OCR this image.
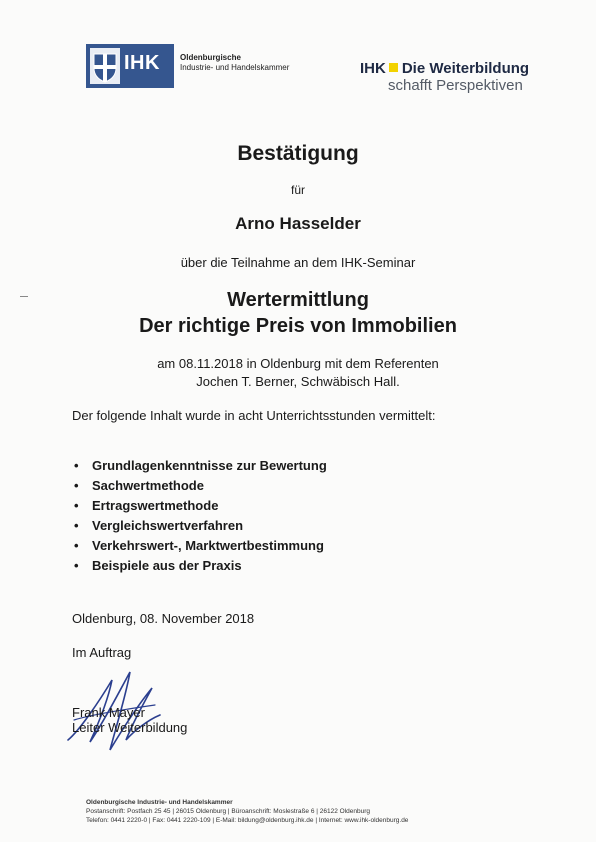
IHK	Oldenburgische
Industrie- und Handelskammer	IHK Die Weiterbildung
schafft Perspektiven
Bestätigung
für
Arno Hasselder
über die Teilnahme an dem IHK-Seminar
Wertermittlung
Der richtige Preis von Immobilien
am 08.11.2018 in Oldenburg mit dem Referenten
Jochen T. Berner, Schwäbisch Hall.
Der folgende Inhalt wurde in acht Unterrichtsstunden vermittelt:
• Grundlagenkenntnisse zur Bewertung
• Sachwertmethode
• Ertragswertmethode
• Vergleichswertverfahren
• Verkehrswert-, Marktwertbestimmung
• Beispiele aus der Praxis
Oldenburg, 08. November 2018
Im Auftrag
Frank Mayer
Leiter Weiterbildung
Oldenburgische Industrie- und Handelskammer
Postanschrift: Postfach 25 45 | 26015 Oldenburg | Büroanschrift: Moslestraße 6 | 26122 Oldenburg
Telefon: 0441 2220-0 | Fax: 0441 2220-109 | E-Mail: bildung@oldenburg.ihk.de | Internet: www.ihk-oldenburg.de
